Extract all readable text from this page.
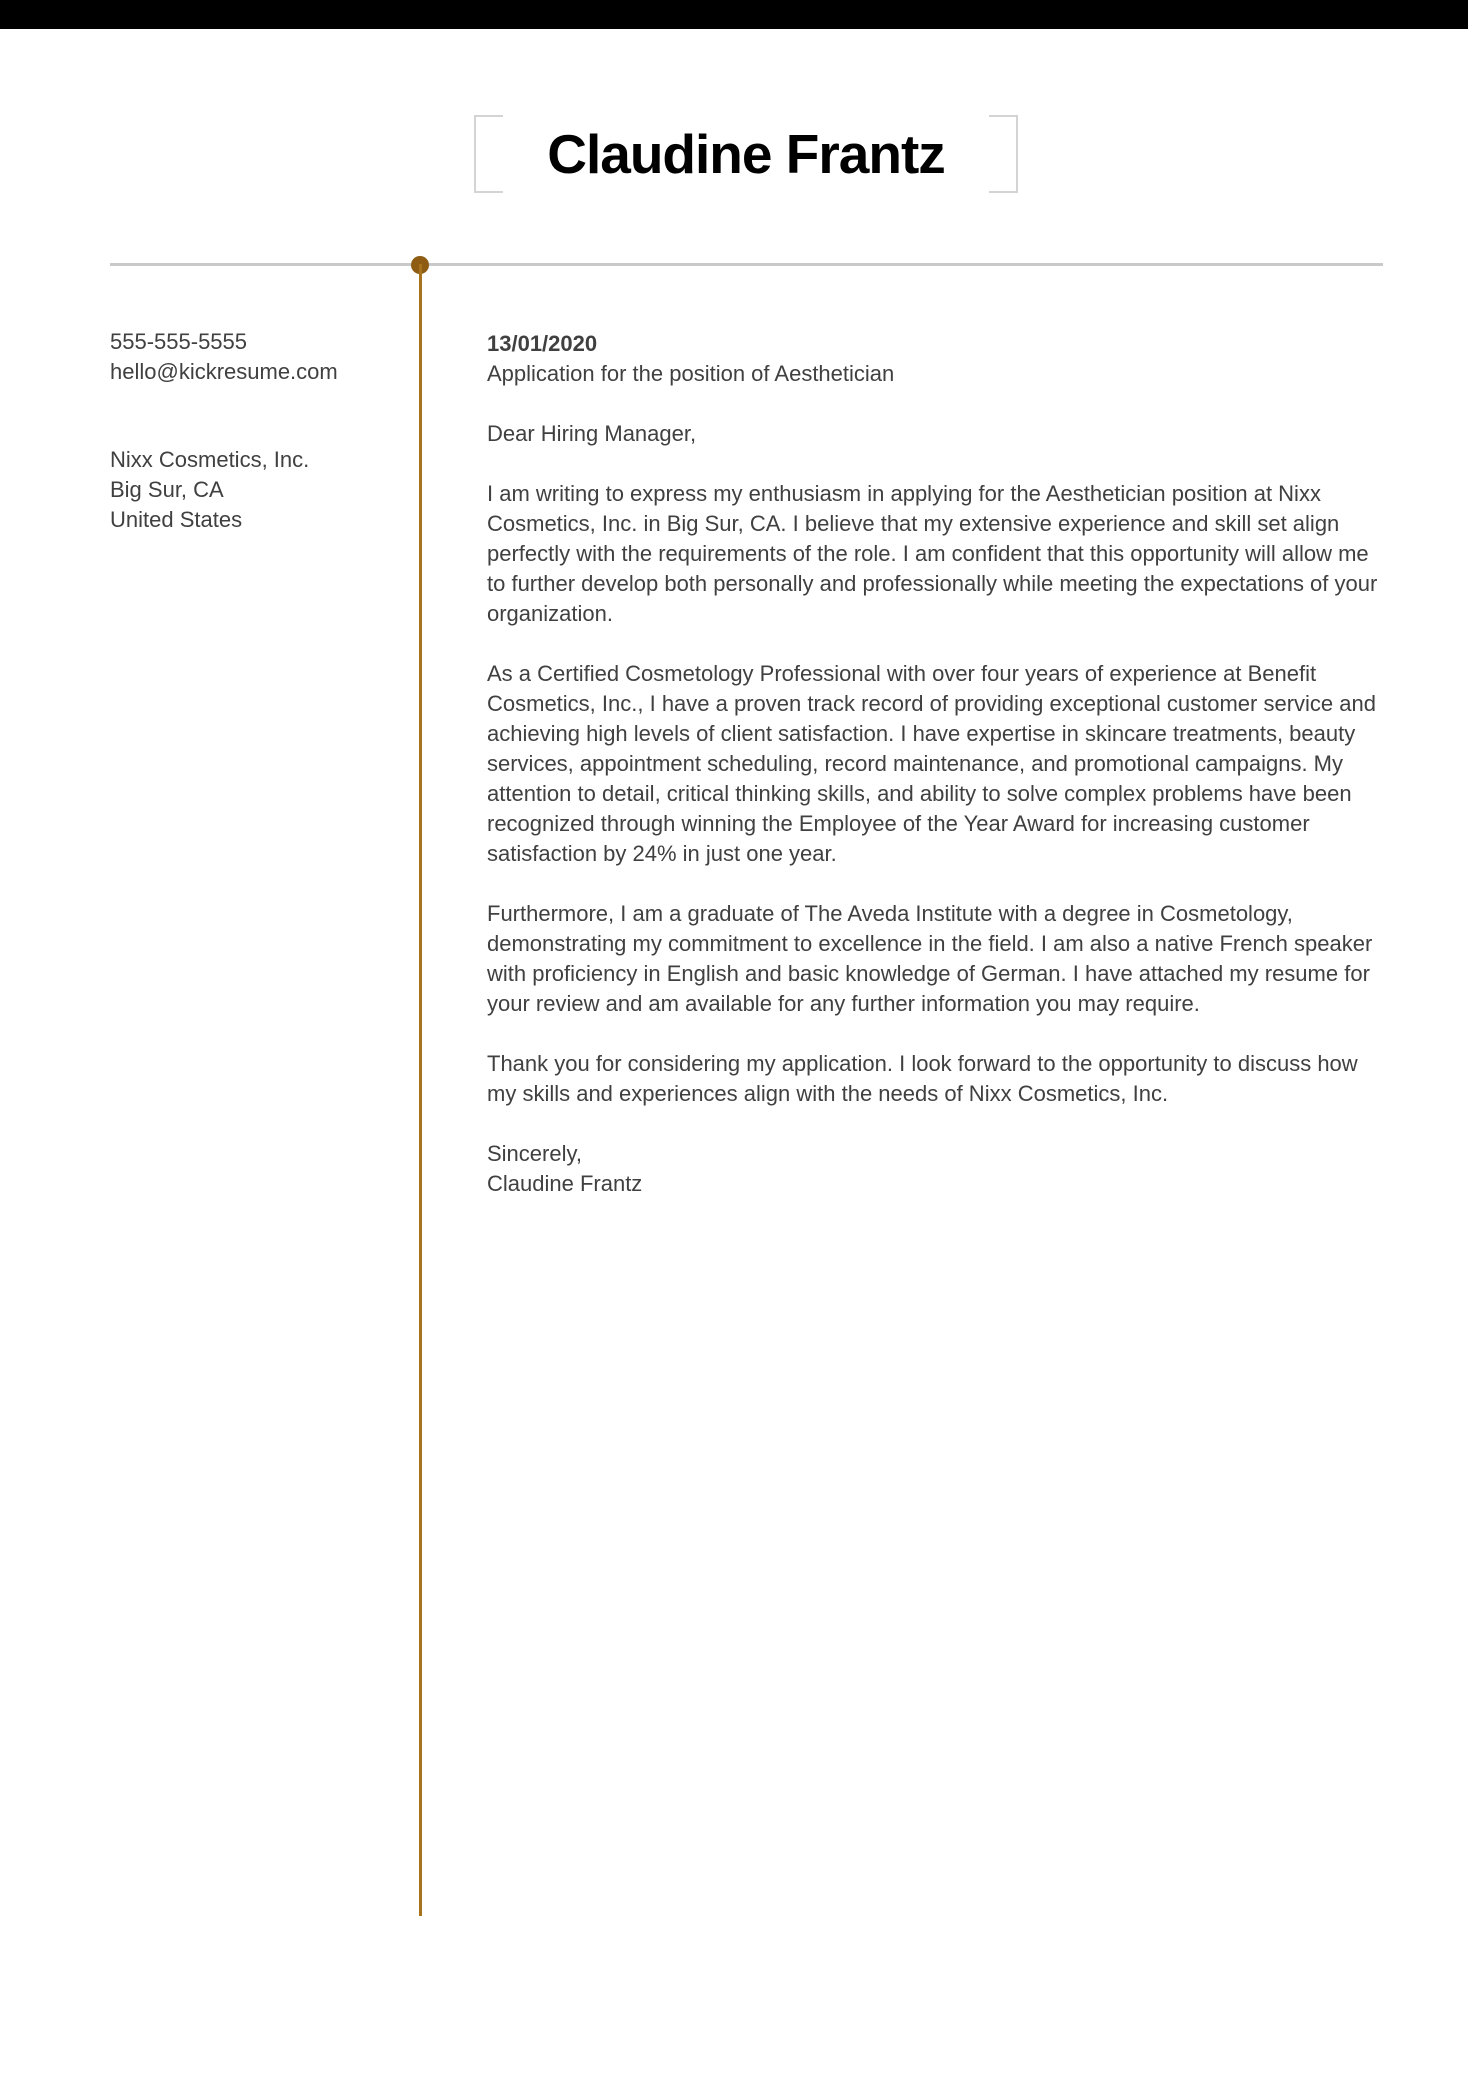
Claudine Frantz
555-555-5555
hello@kickresume.com
Nixx Cosmetics, Inc.
Big Sur, CA
United States
13/01/2020
Application for the position of Aesthetician

Dear Hiring Manager,

I am writing to express my enthusiasm in applying for the Aesthetician position at Nixx Cosmetics, Inc. in Big Sur, CA. I believe that my extensive experience and skill set align perfectly with the requirements of the role. I am confident that this opportunity will allow me to further develop both personally and professionally while meeting the expectations of your organization.

As a Certified Cosmetology Professional with over four years of experience at Benefit Cosmetics, Inc., I have a proven track record of providing exceptional customer service and achieving high levels of client satisfaction. I have expertise in skincare treatments, beauty services, appointment scheduling, record maintenance, and promotional campaigns. My attention to detail, critical thinking skills, and ability to solve complex problems have been recognized through winning the Employee of the Year Award for increasing customer satisfaction by 24% in just one year.

Furthermore, I am a graduate of The Aveda Institute with a degree in Cosmetology, demonstrating my commitment to excellence in the field. I am also a native French speaker with proficiency in English and basic knowledge of German. I have attached my resume for your review and am available for any further information you may require.

Thank you for considering my application. I look forward to the opportunity to discuss how my skills and experiences align with the needs of Nixx Cosmetics, Inc.

Sincerely,

Claudine Frantz
